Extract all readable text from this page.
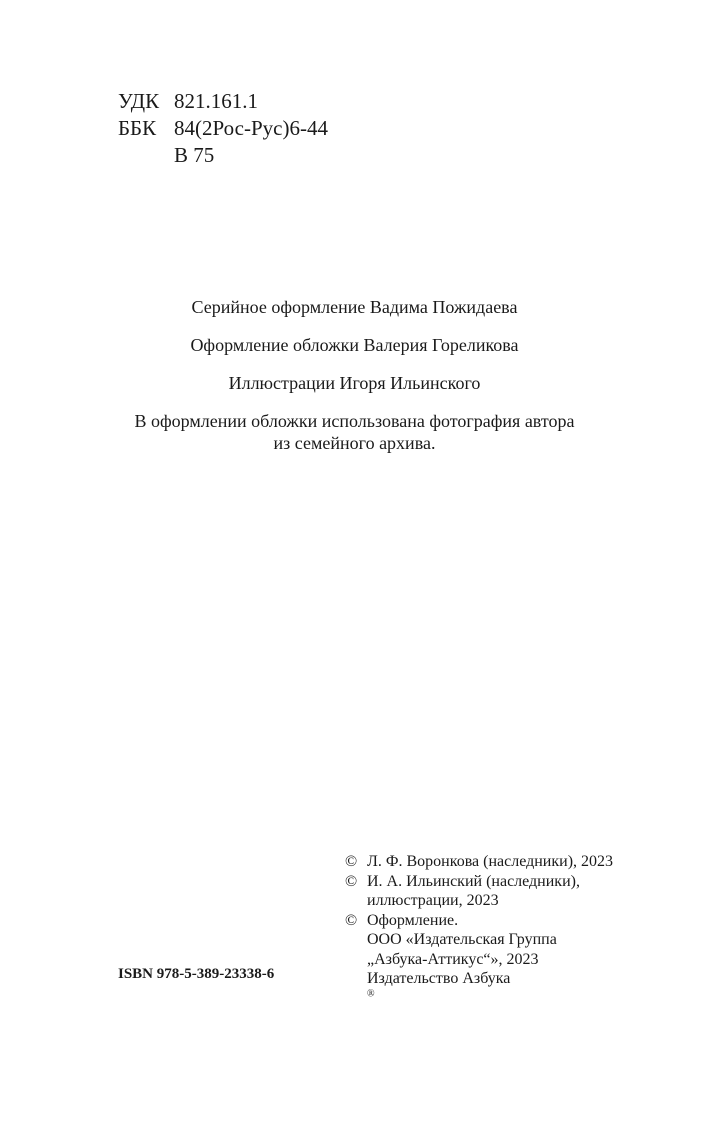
УДК 821.161.1
ББК 84(2Рос-Рус)6-44
В 75

Серийное оформление Вадима Пожидаева

Оформление обложки Валерия Гореликова

Иллюстрации Игоря Ильинского

В оформлении обложки использована фотография автора
из семейного архива.

© Л. Ф. Воронкова (наследники), 2023
© И. А. Ильинский (наследники),
иллюстрации, 2023
© Оформление.
ООО «Издательская Группа
„Азбука-Аттикус“», 2023
Издательство Азбука
®
ISBN 978-5-389-23338-6
